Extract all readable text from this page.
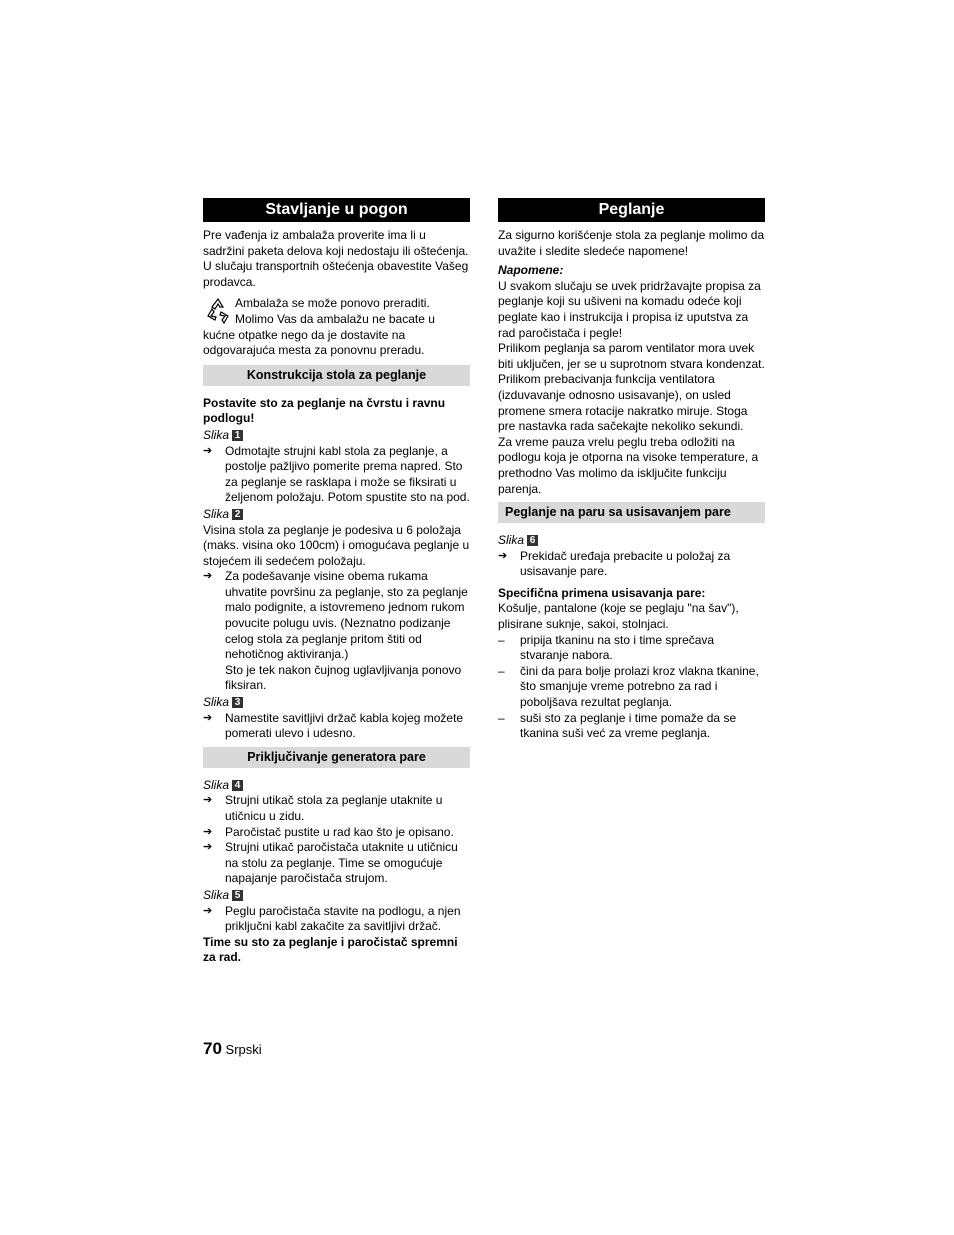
Stavljanje u pogon

Pre vađenja iz ambalaža proverite ima li u sadržini paketa delova koji nedostaju ili oštećenja. U slučaju transportnih oštećenja obavestite Vašeg prodavca.

Ambalaža se može ponovo preraditi. Molimo Vas da ambalažu ne bacate u kućne otpatke nego da je dostavite na odgovarajuća mesta za ponovnu preradu.
Konstrukcija stola za peglanje

Postavite sto za peglanje na čvrstu i ravnu podlogu!

Slika 1

➔	Odmotajte strujni kabl stola za peglanje, a postolje pažljivo pomerite prema napred. Sto za peglanje se rasklapa i može se fiksirati u željenom položaju. Potom spustite sto na pod.

Slika 2

Visina stola za peglanje je podesiva u 6 položaja (maks. visina oko 100cm) i omogućava peglanje u stojećem ili sedećem položaju.

➔	Za podešavanje visine obema rukama uhvatite površinu za peglanje, sto za peglanje malo podignite, a istovremeno jednom rukom povucite polugu uvis. (Neznatno podizanje celog stola za peglanje pritom štiti od nehotičnog aktiviranja.)
Sto je tek nakon čujnog uglavljivanja ponovo fiksiran.

Slika 3

➔	Namestite savitljivi držač kabla kojeg možete pomerati ulevo i udesno.
Priključivanje generatora pare

Slika 4

➔	Strujni utikač stola za peglanje utaknite u utičnicu u zidu.
➔	Paročistač pustite u rad kao što je opisano.
➔	Strujni utikač paročistača utaknite u utičnicu na stolu za peglanje. Time se omogućuje napajanje paročistača strujom.

Slika 5

➔	Peglu paročistača stavite na podlogu, a njen priključni kabl zakačite za savitljivi držač.

Time su sto za peglanje i paročistač spremni za rad.

Peglanje

Za sigurno korišćenje stola za peglanje molimo da uvažite i sledite sledeće napomene!

Napomene:

U svakom slučaju se uvek pridržavajte propisa za peglanje koji su ušiveni na komadu odeće koji peglate kao i instrukcija i propisa iz uputstva za rad paročistača i pegle!

Prilikom peglanja sa parom ventilator mora uvek biti uključen, jer se u suprotnom stvara kondenzat.

Prilikom prebacivanja funkcija ventilatora (izduvavanje odnosno usisavanje), on usled promene smera rotacije nakratko miruje. Stoga pre nastavka rada sačekajte nekoliko sekundi.

Za vreme pauza vrelu peglu treba odložiti na podlogu koja je otporna na visoke temperature, a prethodno Vas molimo da isključite funkciju parenja.

Peglanje na paru sa usisavanjem pare

Slika 6

➔	Prekidač uređaja prebacite u položaj za usisavanje pare.

Specifična primena usisavanja pare:

Košulje, pantalone (koje se peglaju "na šav"), plisirane suknje, sakoi, stolnjaci.

–	pripija tkaninu na sto i time sprečava stvaranje nabora.
–	čini da para bolje prolazi kroz vlakna tkanine, što smanjuje vreme potrebno za rad i poboljšava rezultat peglanja.
–	suši sto za peglanje i time pomaže da se tkanina suši već za vreme peglanja.
70 Srpski
